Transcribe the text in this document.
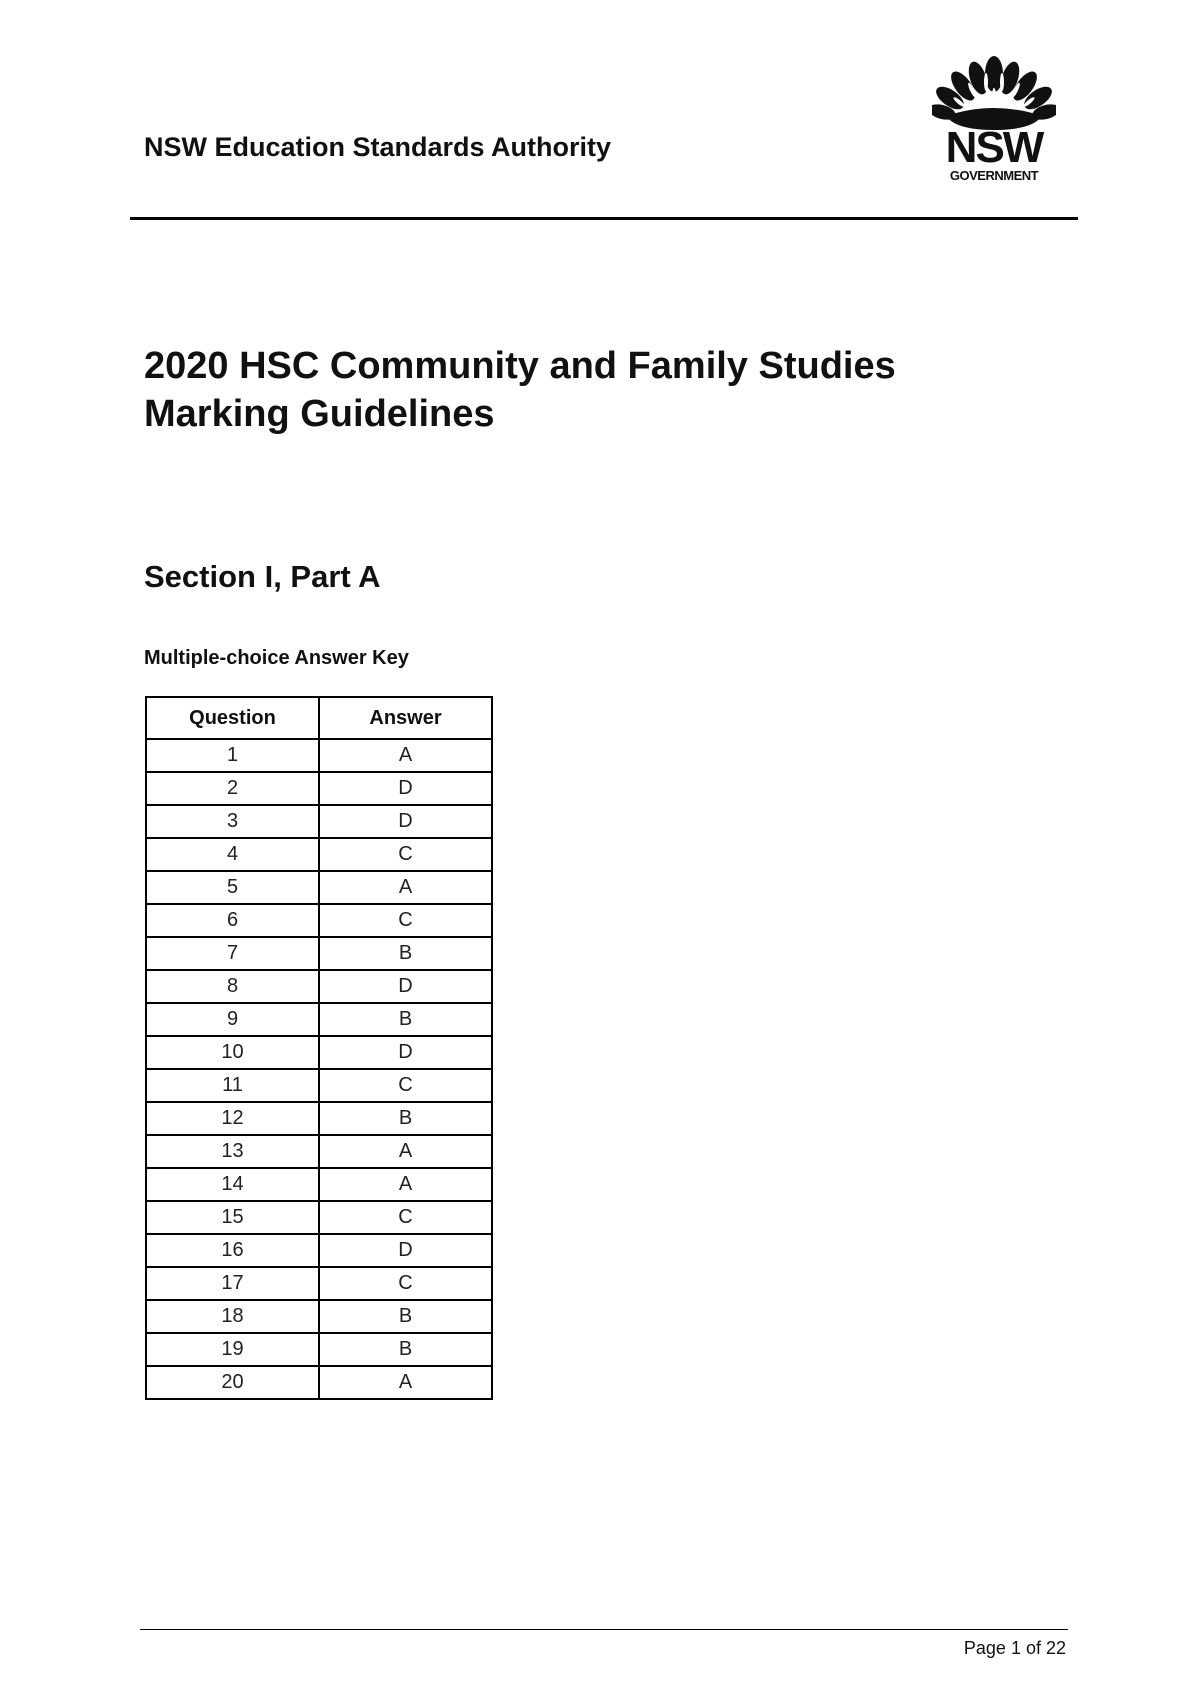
NSW Education Standards Authority	NSW
GOVERNMENT
2020 HSC Community and Family Studies
Marking Guidelines
Section I, Part A

Multiple-choice Answer Key

Question	Answer
1	A
2	D
3	D
4	C
5	A
6	C
7	B
8	D
9	B
10	D
11	C
12	B
13	A
14	A
15	C
16	D
17	C
18	B
19	B
20	A

Page 1 of 22
